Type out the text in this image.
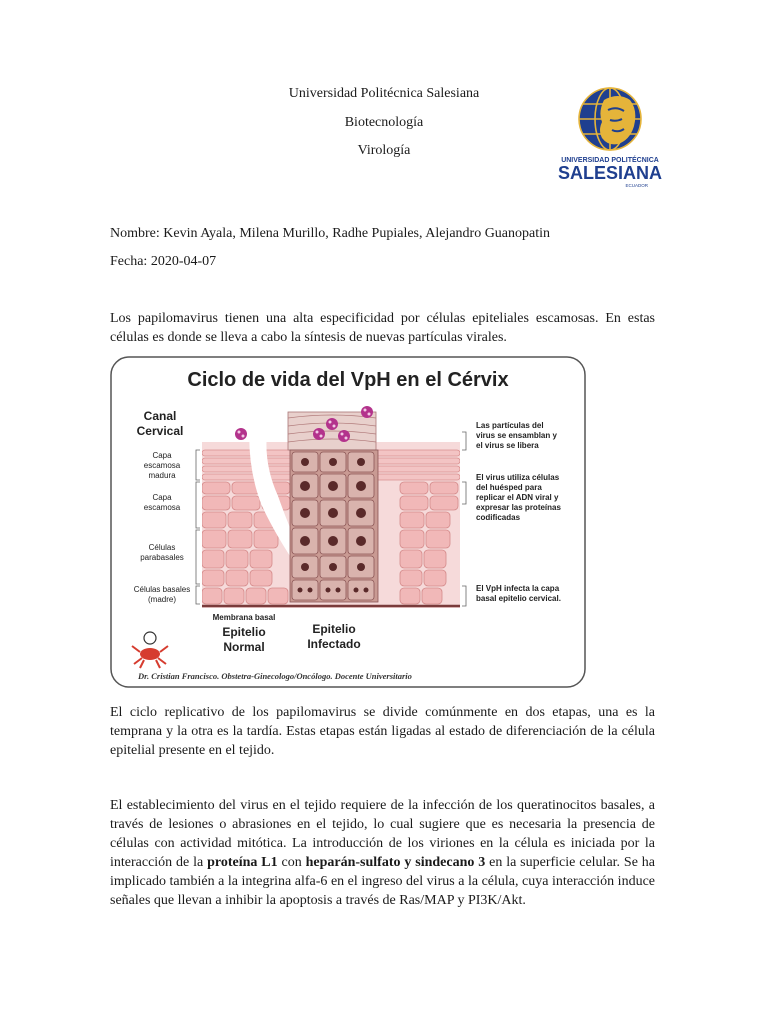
Universidad Politécnica Salesiana
Biotecnología
Virología
UNIVERSIDAD POLITÉCNICA
SALESIANA
ECUADOR
Nombre: Kevin Ayala, Milena Murillo, Radhe Pupiales, Alejandro Guanopatin
Fecha: 2020-04-07
Los papilomavirus tienen una alta especificidad por células epiteliales escamosas. En estas células es donde se lleva a cabo la síntesis de nuevas partículas virales.
Ciclo de vida del VpH en el Cérvix
Canal
Cervical
Capa
escamosa
madura
Capa
escamosa
Células
parabasales
Células basales
(madre)
Membrana basal
Epitelio
Normal
Epitelio
Infectado
Las partículas del
virus se ensamblan y
el virus se libera
El virus utiliza células
del huésped para
replicar el ADN viral y
expresar las proteínas
codificadas
El VpH infecta la capa
basal epitelio cervical.
Dr. Cristian Francisco. Obstetra-Ginecologo/Oncólogo. Docente Universitario
El ciclo replicativo de los papilomavirus se divide comúnmente en dos etapas, una es la temprana y la otra es la tardía. Estas etapas están ligadas al estado de diferenciación de la célula epitelial presente en el tejido.
El establecimiento del virus en el tejido requiere de la infección de los queratinocitos basales, a través de lesiones o abrasiones en el tejido, lo cual sugiere que es necesaria la presencia de células con actividad mitótica. La introducción de los viriones en la célula es iniciada por la interacción de la proteína L1 con heparán-sulfato y sindecano 3 en la superficie celular. Se ha implicado también a la integrina alfa-6 en el ingreso del virus a la célula, cuya interacción induce señales que llevan a inhibir la apoptosis a través de Ras/MAP y PI3K/Akt.
